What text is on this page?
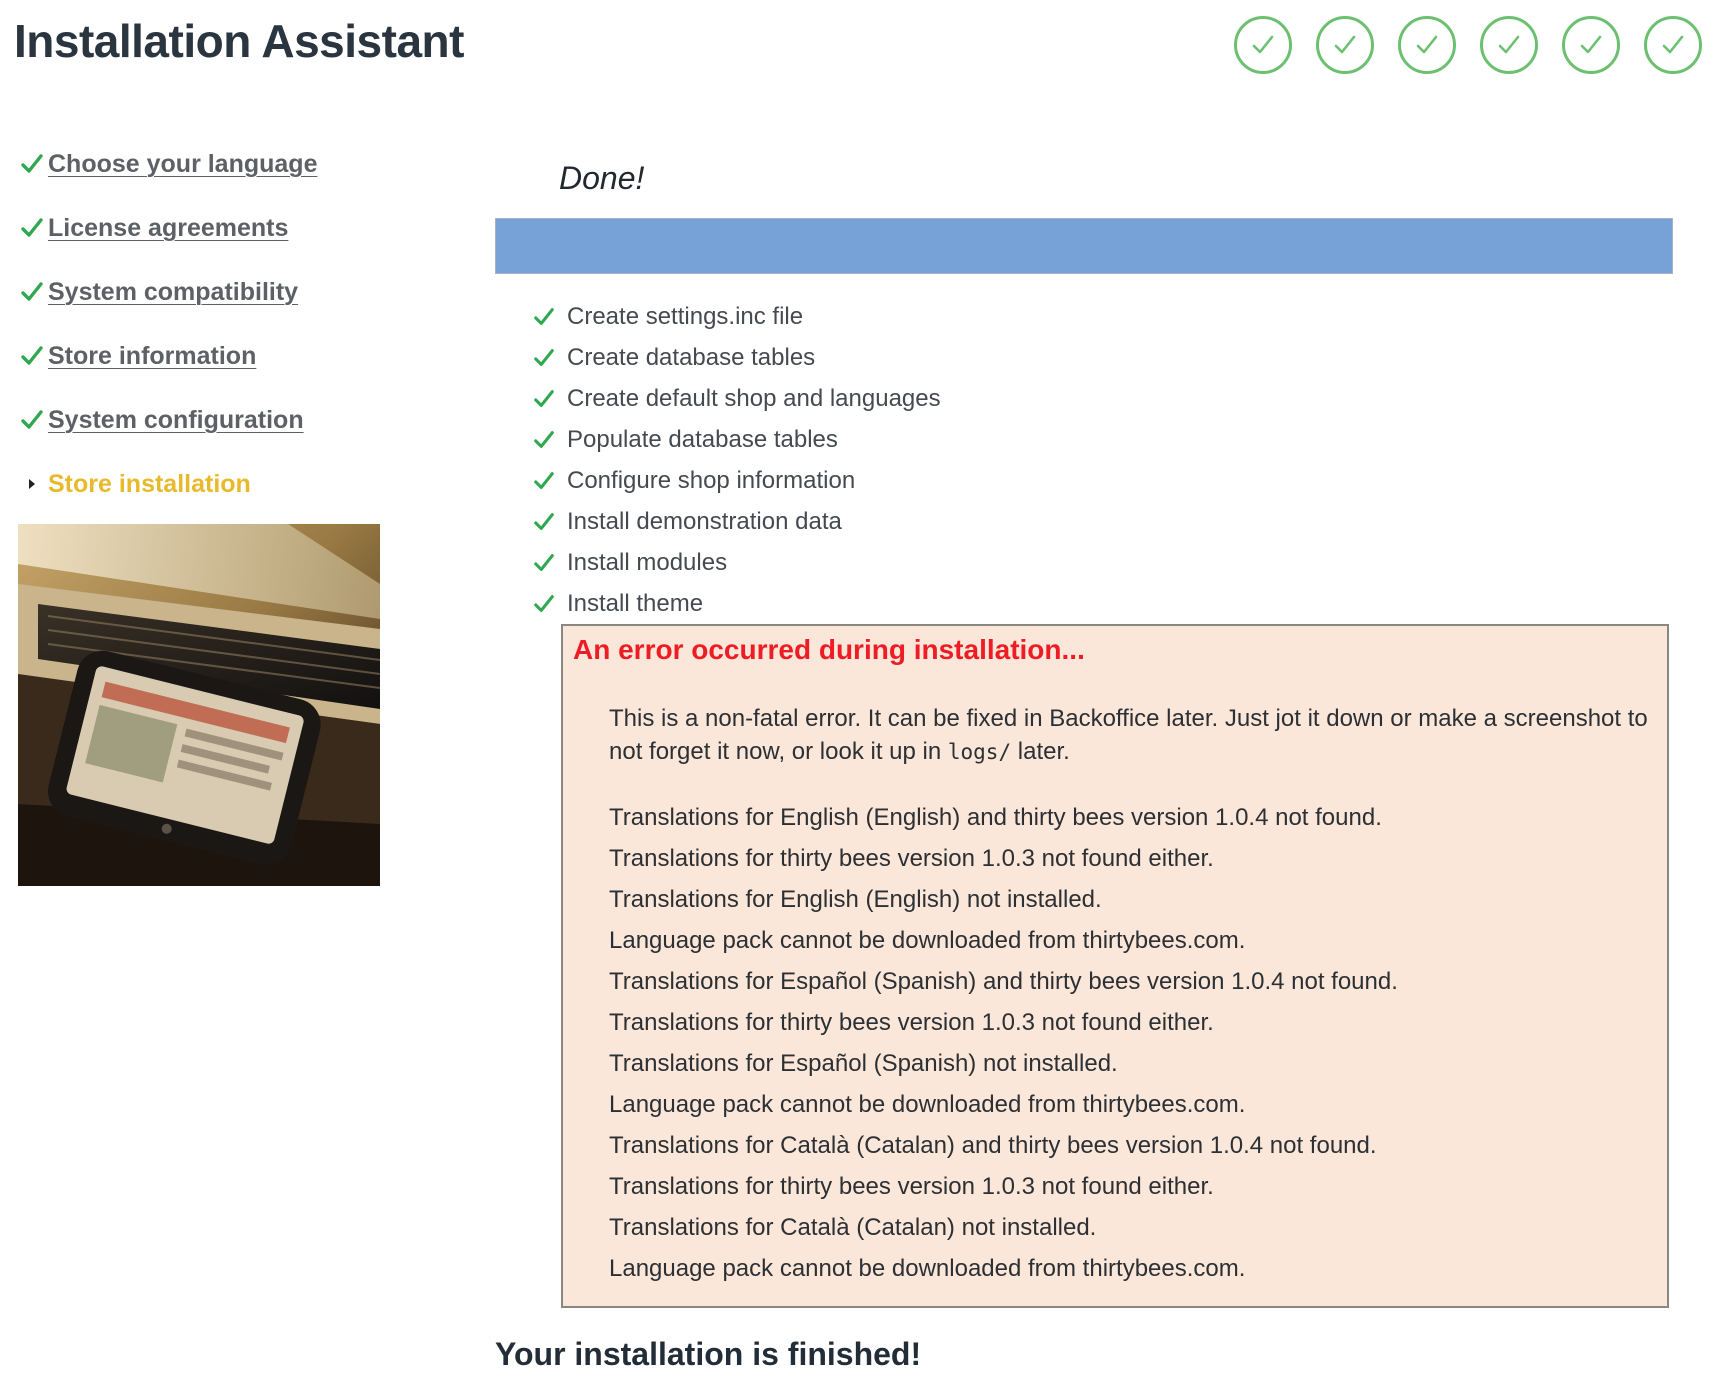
Installation Assistant
Choose your language
License agreements
System compatibility
Store information
System configuration
Store installation
Done!
Create settings.inc file
Create database tables
Create default shop and languages
Populate database tables
Configure shop information
Install demonstration data
Install modules
Install theme
An error occurred during installation...

This is a non-fatal error. It can be fixed in Backoffice later. Just jot it down or make a screenshot to not forget it now, or look it up in logs/ later.

Translations for English (English) and thirty bees version 1.0.4 not found.
Translations for thirty bees version 1.0.3 not found either.
Translations for English (English) not installed.
Language pack cannot be downloaded from thirtybees.com.
Translations for Español (Spanish) and thirty bees version 1.0.4 not found.
Translations for thirty bees version 1.0.3 not found either.
Translations for Español (Spanish) not installed.
Language pack cannot be downloaded from thirtybees.com.
Translations for Català (Catalan) and thirty bees version 1.0.4 not found.
Translations for thirty bees version 1.0.3 not found either.
Translations for Català (Catalan) not installed.
Language pack cannot be downloaded from thirtybees.com.
Your installation is finished!
